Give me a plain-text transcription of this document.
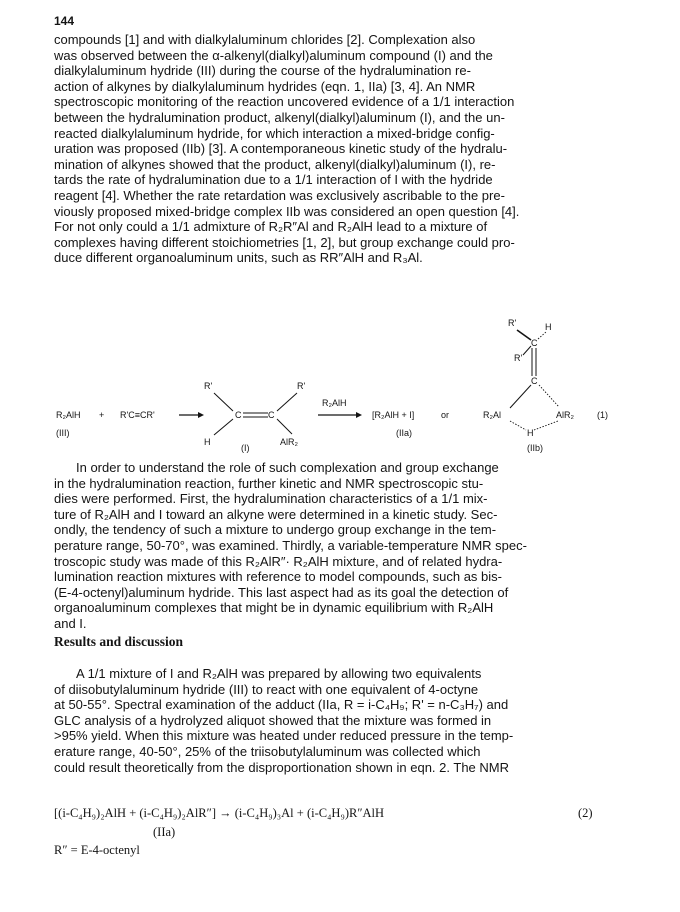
144

compounds [1] and with dialkylaluminum chlorides [2]. Complexation also
was observed between the α-alkenyl(dialkyl)aluminum compound (I) and the
dialkylaluminum hydride (III) during the course of the hydralumination re-
action of alkynes by dialkylaluminum hydrides (eqn. 1, IIa) [3, 4]. An NMR
spectroscopic monitoring of the reaction uncovered evidence of a 1/1 interaction
between the hydralumination product, alkenyl(dialkyl)aluminum (I), and the un-
reacted dialkylaluminum hydride, for which interaction a mixed-bridge config-
uration was proposed (IIb) [3]. A contemporaneous kinetic study of the hydralu-
mination of alkynes showed that the product, alkenyl(dialkyl)aluminum (I), re-
tards the rate of hydralumination due to a 1/1 interaction of I with the hydride
reagent [4]. Whether the rate retardation was exclusively ascribable to the pre-
viously proposed mixed-bridge complex IIb was considered an open question [4].
For not only could a 1/1 admixture of R₂R″Al and R₂AlH lead to a mixture of
complexes having different stoichiometries [1, 2], but group exchange could pro-
duce different organoaluminum units, such as RR″AlH and R₃Al.

R₂AlH + R'C≡CR'
(III)
C	C
R'	R'
H	AlR₂
(I)
R₂AlH
[R₂AlH + I]
(IIa)
or
R'	H
R'
C
C
R₂Al	AlR₂
H
(IIb)
(1)

In order to understand the role of such complexation and group exchange
in the hydralumination reaction, further kinetic and NMR spectroscopic stu-
dies were performed. First, the hydralumination characteristics of a 1/1 mix-
ture of R₂AlH and I toward an alkyne were determined in a kinetic study. Sec-
ondly, the tendency of such a mixture to undergo group exchange in the tem-
perature range, 50-70°, was examined. Thirdly, a variable-temperature NMR spec-
troscopic study was made of this R₂AlR″· R₂AlH mixture, and of related hydra-
lumination reaction mixtures with reference to model compounds, such as bis-
(E-4-octenyl)aluminum hydride. This last aspect had as its goal the detection of
organoaluminum complexes that might be in dynamic equilibrium with R₂AlH
and I.

Results and discussion

A 1/1 mixture of I and R₂AlH was prepared by allowing two equivalents
of diisobutylaluminum hydride (III) to react with one equivalent of 4-octyne
at 50-55°. Spectral examination of the adduct (IIa, R = i-C₄H₉; R' = n-C₃H₇) and
GLC analysis of a hydrolyzed aliquot showed that the mixture was formed in
>95% yield. When this mixture was heated under reduced pressure in the temp-
erature range, 40-50°, 25% of the triisobutylaluminum was collected which
could result theoretically from the disproportionation shown in eqn. 2. The NMR

[(i-C₄H₉)₂AlH + (i-C₄H₉)₂AlR″] → (i-C₄H₉)₃Al + (i-C₄H₉)R″AlH	(2)
(IIa)
R″ = E-4-octenyl
